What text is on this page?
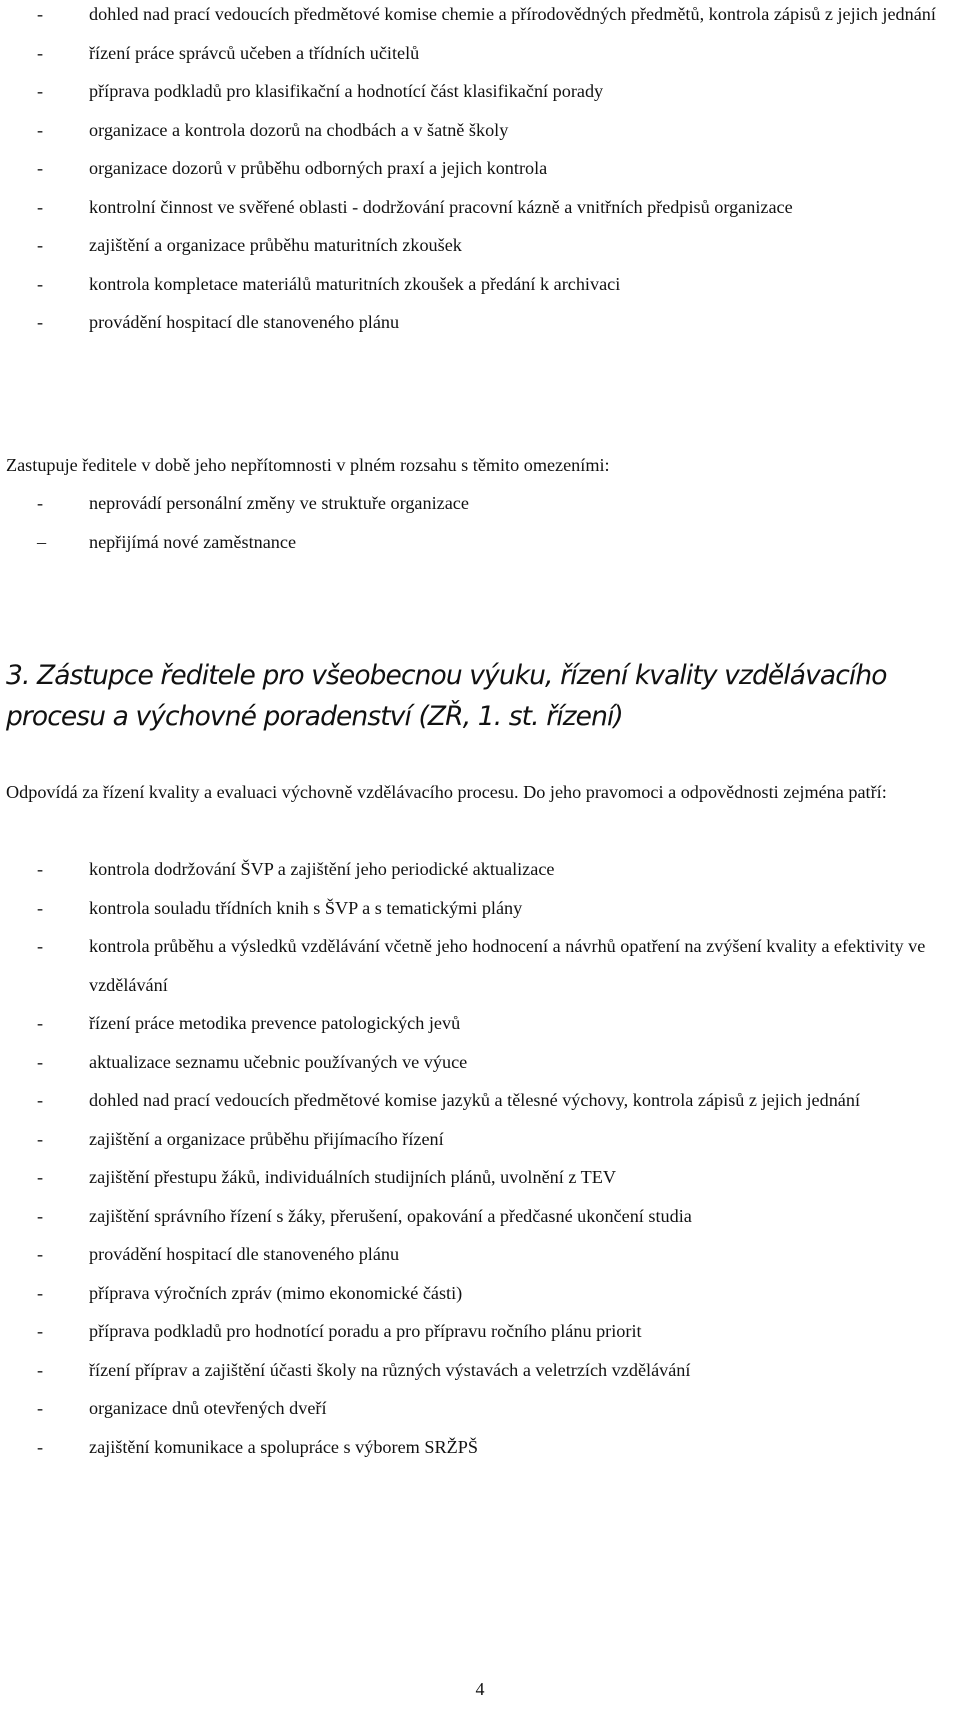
-	dohled nad prací vedoucích předmětové komise chemie a přírodovědných předmětů, kontrola zápisů z jejich jednání
-	řízení práce správců učeben a třídních učitelů
-	příprava podkladů pro klasifikační a hodnotící část klasifikační porady
-	organizace a kontrola dozorů na chodbách a v šatně školy
-	organizace dozorů v průběhu odborných praxí a jejich kontrola
-	kontrolní činnost ve svěřené oblasti - dodržování pracovní kázně a vnitřních předpisů organizace
-	zajištění a organizace průběhu maturitních zkoušek
-	kontrola kompletace materiálů maturitních zkoušek a předání k archivaci
-	provádění hospitací dle stanoveného plánu

Zastupuje ředitele v době jeho nepřítomnosti v plném rozsahu s těmito omezeními:

-	neprovádí personální změny ve struktuře organizace
– nepřijímá nové zaměstnance
3. Zástupce ředitele pro všeobecnou výuku, řízení kvality vzdělávacího procesu a výchovné poradenství (ZŘ, 1. st. řízení)

Odpovídá za řízení kvality a evaluaci výchovně vzdělávacího procesu. Do jeho pravomoci a odpovědnosti zejména patří:

-	kontrola dodržování ŠVP a zajištění jeho periodické aktualizace
-	kontrola souladu třídních knih s ŠVP a s tematickými plány
-	kontrola průběhu a výsledků vzdělávání včetně jeho hodnocení a návrhů opatření na zvýšení kvality a efektivity ve vzdělávání
-	řízení práce metodika prevence patologických jevů
-	aktualizace seznamu učebnic používaných ve výuce
-	dohled nad prací vedoucích předmětové komise jazyků a tělesné výchovy, kontrola zápisů z jejich jednání
-	zajištění a organizace průběhu přijímacího řízení
-	zajištění přestupu žáků, individuálních studijních plánů, uvolnění z TEV
-	zajištění správního řízení s žáky, přerušení, opakování a předčasné ukončení studia
-	provádění hospitací dle stanoveného plánu
-	příprava výročních zpráv (mimo ekonomické části)
-	příprava podkladů pro hodnotící poradu a pro přípravu ročního plánu priorit
-	řízení příprav a zajištění účasti školy na různých výstavách a veletrzích vzdělávání
-	organizace dnů otevřených dveří
-	zajištění komunikace a spolupráce s výborem SRŽPŠ
4
